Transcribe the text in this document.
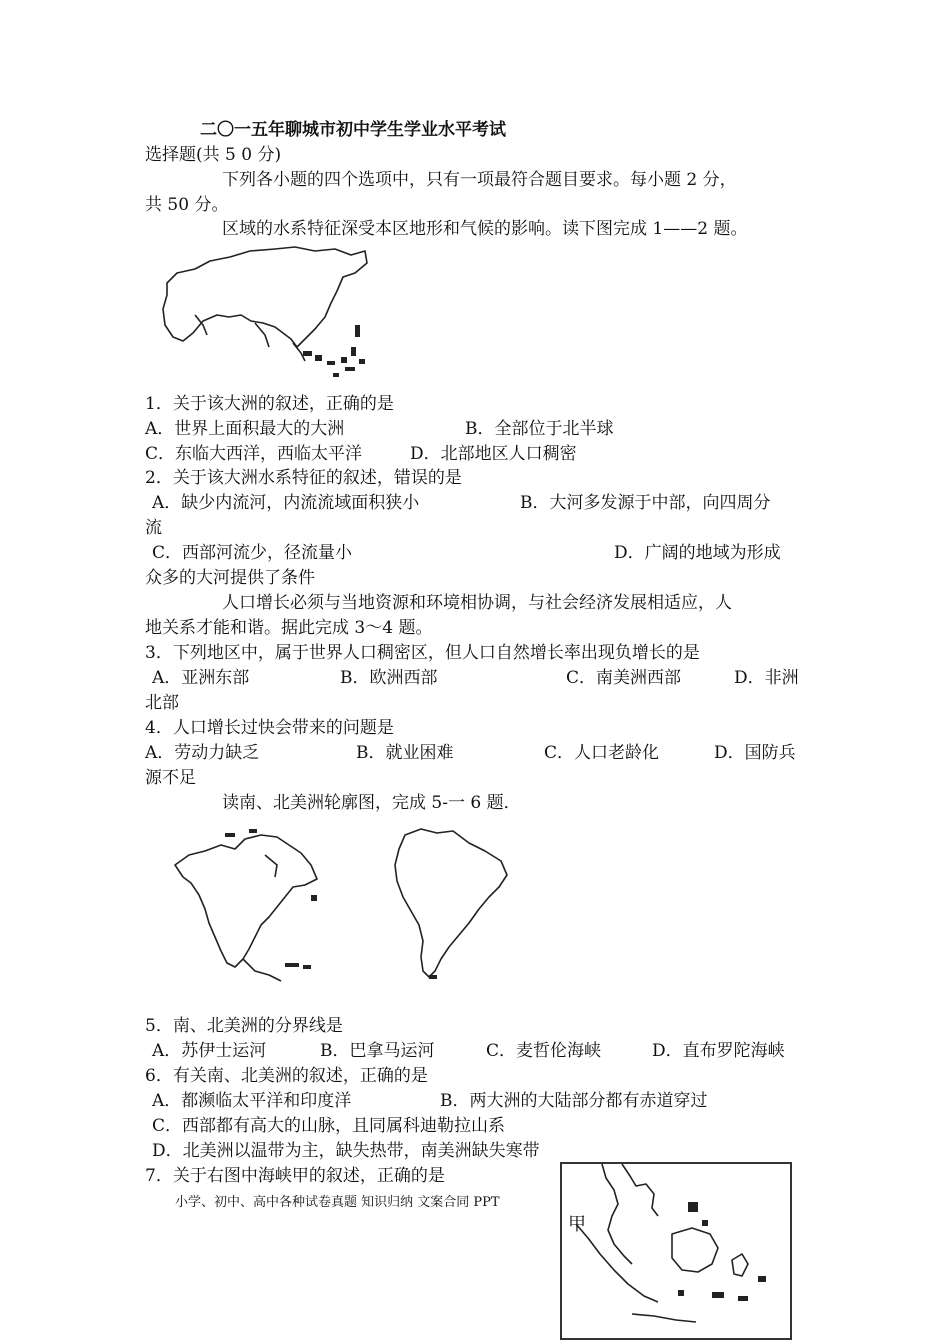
二〇一五年聊城市初中学生学业水平考试
选择题(共 5 0 分)
下列各小题的四个选项中，只有一项最符合题目要求。每小题 2 分，
共 50 分。
区域的水系特征深受本区地形和气候的影响。读下图完成 1——2 题。
1．关于该大洲的叙述，正确的是
A．世界上面积最大的大洲	B．全部位于北半球
C．东临大西洋，西临太平洋	D．北部地区人口稠密
2．关于该大洲水系特征的叙述，错误的是
A．缺少内流河，内流流域面积狭小	B．大河多发源于中部，向四周分
流
C．西部河流少，径流量小	D．广阔的地域为形成
众多的大河提供了条件
人口增长必须与当地资源和环境相协调，与社会经济发展相适应，人
地关系才能和谐。据此完成 3～4 题。
3．下列地区中，属于世界人口稠密区，但人口自然增长率出现负增长的是
A．亚洲东部	B．欧洲西部	C．南美洲西部	D．非洲
北部
4．人口增长过快会带来的问题是
A．劳动力缺乏	B．就业困难	C．人口老龄化	D．国防兵
源不足
读南、北美洲轮廓图，完成 5-一 6 题．
5．南、北美洲的分界线是
A．苏伊士运河	B．巴拿马运河	C．麦哲伦海峡	D．直布罗陀海峡
6．有关南、北美洲的叙述，正确的是
A．都濒临太平洋和印度洋	B．两大洲的大陆部分都有赤道穿过
C．西部都有高大的山脉，且同属科迪勒拉山系
D．北美洲以温带为主，缺失热带，南美洲缺失寒带
7．关于右图中海峡甲的叙述，正确的是
甲
小学、初中、高中各种试卷真题 知识归纳 文案合同 PPT
